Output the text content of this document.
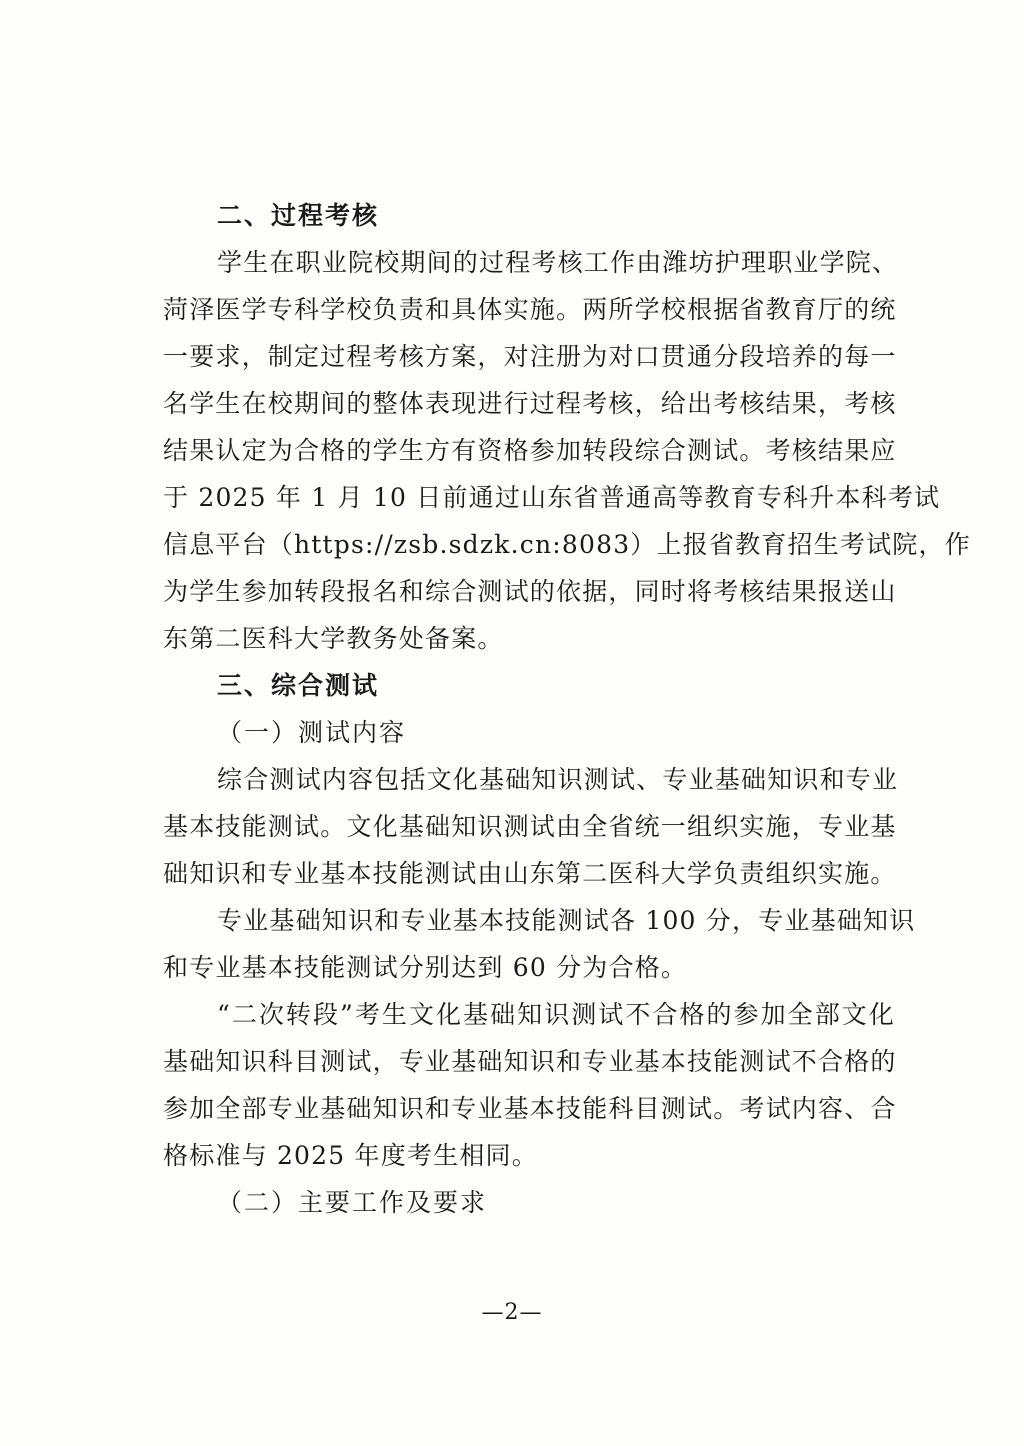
二、过程考核
学生在职业院校期间的过程考核工作由潍坊护理职业学院、
菏泽医学专科学校负责和具体实施。两所学校根据省教育厅的统
一要求，制定过程考核方案，对注册为对口贯通分段培养的每一
名学生在校期间的整体表现进行过程考核，给出考核结果，考核
结果认定为合格的学生方有资格参加转段综合测试。考核结果应
于 2025 年 1 月 10 日前通过山东省普通高等教育专科升本科考试
信息平台（https://zsb.sdzk.cn:8083）上报省教育招生考试院，作
为学生参加转段报名和综合测试的依据，同时将考核结果报送山
东第二医科大学教务处备案。
三、综合测试
（一）测试内容
综合测试内容包括文化基础知识测试、专业基础知识和专业
基本技能测试。文化基础知识测试由全省统一组织实施，专业基
础知识和专业基本技能测试由山东第二医科大学负责组织实施。
专业基础知识和专业基本技能测试各 100 分，专业基础知识
和专业基本技能测试分别达到 60 分为合格。
“二次转段”考生文化基础知识测试不合格的参加全部文化
基础知识科目测试，专业基础知识和专业基本技能测试不合格的
参加全部专业基础知识和专业基本技能科目测试。考试内容、合
格标准与 2025 年度考生相同。
（二）主要工作及要求
—2—
